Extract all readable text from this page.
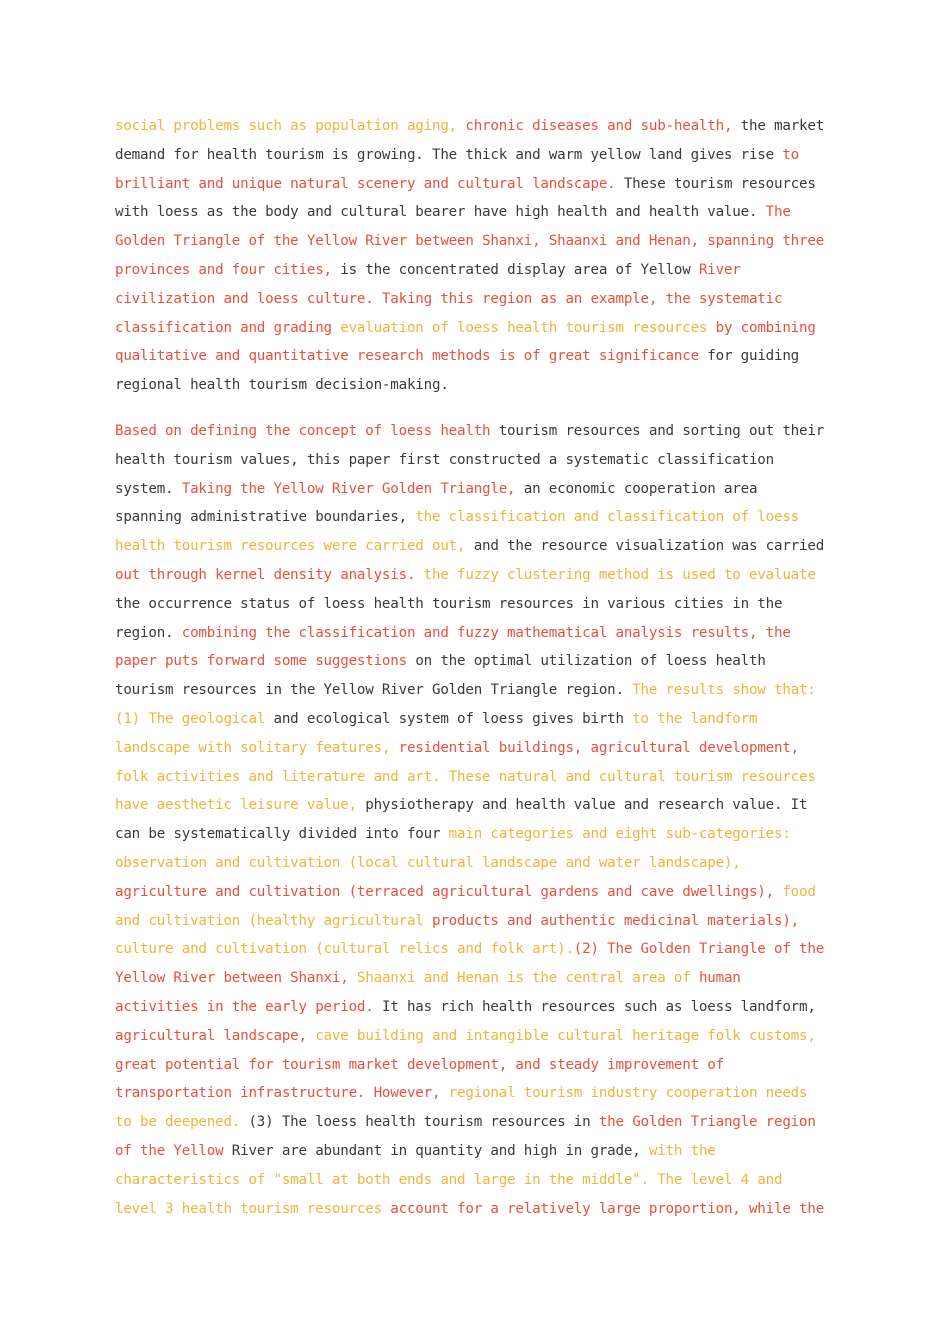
social problems such as population aging, chronic diseases and sub-health, the market
demand for health tourism is growing. The thick and warm yellow land gives rise to
brilliant and unique natural scenery and cultural landscape. These tourism resources
with loess as the body and cultural bearer have high health and health value. The
Golden Triangle of the Yellow River between Shanxi, Shaanxi and Henan, spanning three
provinces and four cities, is the concentrated display area of Yellow River
civilization and loess culture. Taking this region as an example, the systematic
classification and grading evaluation of loess health tourism resources by combining
qualitative and quantitative research methods is of great significance for guiding
regional health tourism decision-making.
Based on defining the concept of loess health tourism resources and sorting out their
health tourism values, this paper first constructed a systematic classification
system. Taking the Yellow River Golden Triangle, an economic cooperation area
spanning administrative boundaries, the classification and classification of loess
health tourism resources were carried out, and the resource visualization was carried
out through kernel density analysis. the fuzzy clustering method is used to evaluate
the occurrence status of loess health tourism resources in various cities in the
region. combining the classification and fuzzy mathematical analysis results, the
paper puts forward some suggestions on the optimal utilization of loess health
tourism resources in the Yellow River Golden Triangle region. The results show that:
(1) The geological and ecological system of loess gives birth to the landform
landscape with solitary features, residential buildings, agricultural development,
folk activities and literature and art. These natural and cultural tourism resources
have aesthetic leisure value, physiotherapy and health value and research value. It
can be systematically divided into four main categories and eight sub-categories:
observation and cultivation (local cultural landscape and water landscape),
agriculture and cultivation (terraced agricultural gardens and cave dwellings), food
and cultivation (healthy agricultural products and authentic medicinal materials),
culture and cultivation (cultural relics and folk art).(2) The Golden Triangle of the
Yellow River between Shanxi, Shaanxi and Henan is the central area of human
activities in the early period. It has rich health resources such as loess landform,
agricultural landscape, cave building and intangible cultural heritage folk customs,
great potential for tourism market development, and steady improvement of
transportation infrastructure. However, regional tourism industry cooperation needs
to be deepened. (3) The loess health tourism resources in the Golden Triangle region
of the Yellow River are abundant in quantity and high in grade, with the
characteristics of "small at both ends and large in the middle". The level 4 and
level 3 health tourism resources account for a relatively large proportion, while the
